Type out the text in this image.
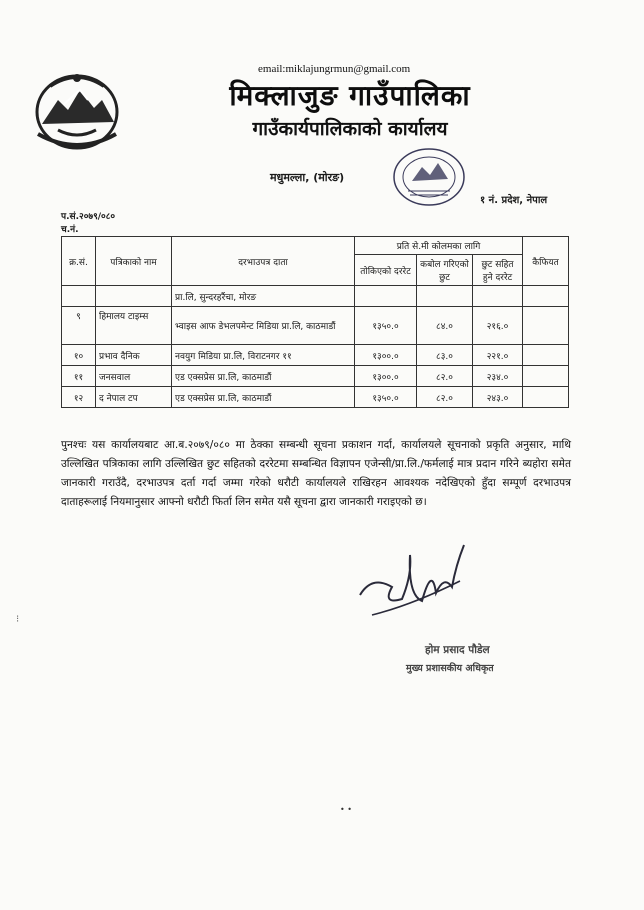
email:miklajungrmun@gmail.com
मिक्लाजुङ गाउँपालिका
गाउँकार्यपालिकाको कार्यालय
मधुमल्ला, (मोरङ)
१ नं. प्रदेश, नेपाल
प.सं.२०७९/०८०
च.नं.
क्र.सं.	पत्रिकाको नाम	दरभाउपत्र दाता	प्रति से.मी कोलमका लागि			कैफियत
			तोकिएको दररेट	कबोल गरिएको छुट	छुट सहित हुने दररेट	
		प्रा.लि, सुन्दरहरैंचा, मोरङ				
९	हिमालय टाइम्स	भ्वाइस आफ डेभलपमेन्ट मिडिया प्रा.लि, काठमाडौं	१३५०.०	८४.०	२१६.०	
१०	प्रभाव दैनिक	नवयुग मिडिया प्रा.लि, विराटनगर ११	१३००.०	८३.०	२२१.०	
११	जनसवाल	एड एक्सप्रेस प्रा.लि, काठमाडौं	१३००.०	८२.०	२३४.०	
१२	द नेपाल टप	एड एक्सप्रेस प्रा.लि, काठमाडौं	१३५०.०	८२.०	२४३.०	
पुनश्चः यस कार्यालयबाट आ.ब.२०७९/०८० मा ठेक्का सम्बन्धी सूचना प्रकाशन गर्दा, कार्यालयले सूचनाको प्रकृति अनुसार, माथि उल्लिखित पत्रिकाका लागि उल्लिखित छुट सहितको दररेटमा सम्बन्धित विज्ञापन एजेन्सी/प्रा.लि./फर्मलाई मात्र प्रदान गरिने ब्यहोरा समेत जानकारी गराउँदै, दरभाउपत्र दर्ता गर्दा जम्मा गरेको धरौटी कार्यालयले राखिरहन आवश्यक नदेखिएको हुँदा सम्पूर्ण दरभाउपत्र दाताहरूलाई नियमानुसार आफ्नो धरौटी फिर्ता लिन समेत यसै सूचना द्वारा जानकारी गराइएको छ।
होम प्रसाद पौडेल
मुख्य प्रशासकीय अधिकृत
⁝
• •
